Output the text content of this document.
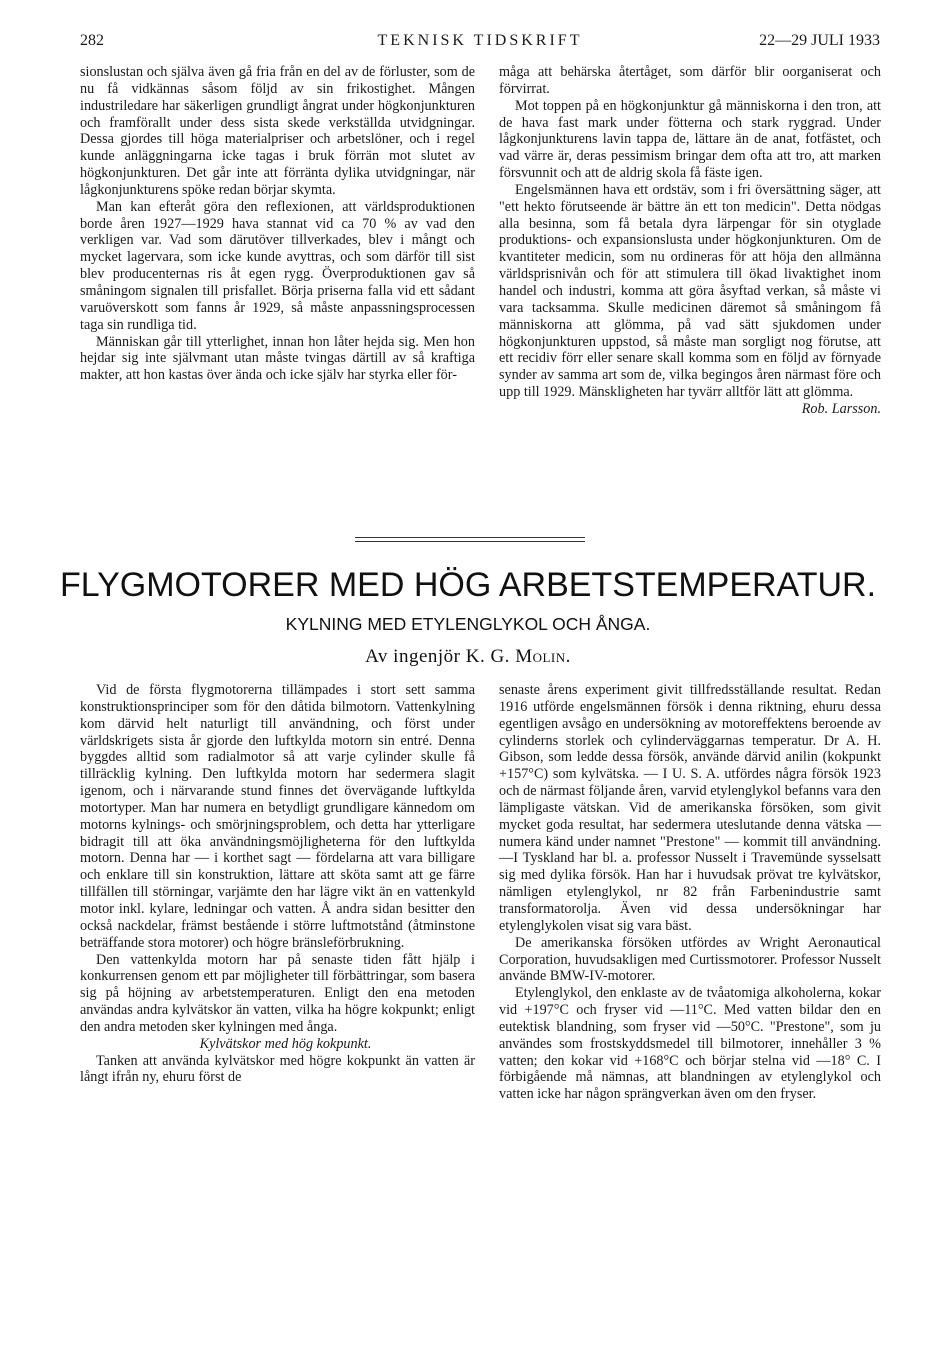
282	TEKNISK TIDSKRIFT	22—29 JULI 1933

sionslustan och själva även gå fria från en del av de förluster, som de nu få vidkännas såsom följd av sin frikostighet. Mången industriledare har säkerligen grundligt ångrat under högkonjunkturen och framförallt under dess sista skede verkställda utvidgningar. Dessa gjordes till höga materialpriser och arbetslöner, och i regel kunde anläggningarna icke tagas i bruk förrän mot slutet av högkonjunkturen. Det går inte att förränta dylika utvidgningar, när lågkonjunkturens spöke redan börjar skymta.

Man kan efteråt göra den reflexionen, att världsproduktionen borde åren 1927—1929 hava stannat vid ca 70 % av vad den verkligen var. Vad som därutöver tillverkades, blev i mångt och mycket lagervara, som icke kunde avyttras, och som därför till sist blev producenternas ris åt egen rygg. Överproduktionen gav så småningom signalen till prisfallet. Börja priserna falla vid ett sådant varuöverskott som fanns år 1929, så måste anpassningsprocessen taga sin rundliga tid.

Människan går till ytterlighet, innan hon låter hejda sig. Men hon hejdar sig inte självmant utan måste tvingas därtill av så kraftiga makter, att hon kastas över ända och icke själv har styrka eller för-

måga att behärska återtåget, som därför blir oorganiserat och förvirrat.

Mot toppen på en högkonjunktur gå människorna i den tron, att de hava fast mark under fötterna och stark ryggrad. Under lågkonjunkturens lavin tappa de, lättare än de anat, fotfästet, och vad värre är, deras pessimism bringar dem ofta att tro, att marken försvunnit och att de aldrig skola få fäste igen.

Engelsmännen hava ett ordstäv, som i fri översättning säger, att "ett hekto förutseende är bättre än ett ton medicin". Detta nödgas alla besinna, som få betala dyra lärpengar för sin otyglade produktions- och expansionslusta under högkonjunkturen. Om de kvantiteter medicin, som nu ordineras för att höja den allmänna världsprisnivån och för att stimulera till ökad livaktighet inom handel och industri, komma att göra åsyftad verkan, så måste vi vara tacksamma. Skulle medicinen däremot så småningom få människorna att glömma, på vad sätt sjukdomen under högkonjunkturen uppstod, så måste man sorgligt nog förutse, att ett recidiv förr eller senare skall komma som en följd av förnyade synder av samma art som de, vilka begingos åren närmast före och upp till 1929. Mänskligheten har tyvärr alltför lätt att glömma.
Rob. Larsson.

FLYGMOTORER MED HÖG ARBETSTEMPERATUR.
KYLNING MED ETYLENGLYKOL OCH ÅNGA.
Av ingenjör K. G. Molin.

Vid de första flygmotorerna tillämpades i stort sett samma konstruktionsprinciper som för den dåtida bilmotorn. Vattenkylning kom därvid helt naturligt till användning, och först under världskrigets sista år gjorde den luftkylda motorn sin entré. Denna byggdes alltid som radialmotor så att varje cylinder skulle få tillräcklig kylning. Den luftkylda motorn har sedermera slagit igenom, och i närvarande stund finnes det övervägande luftkylda motortyper. Man har numera en betydligt grundligare kännedom om motorns kylnings- och smörjningsproblem, och detta har ytterligare bidragit till att öka användningsmöjligheterna för den luftkylda motorn. Denna har — i korthet sagt — fördelarna att vara billigare och enklare till sin konstruktion, lättare att sköta samt att ge färre tillfällen till störningar, varjämte den har lägre vikt än en vattenkyld motor inkl. kylare, ledningar och vatten. Å andra sidan besitter den också nackdelar, främst bestående i större luftmotstånd (åtminstone beträffande stora motorer) och högre bränsleförbrukning.

Den vattenkylda motorn har på senaste tiden fått hjälp i konkurrensen genom ett par möjligheter till förbättringar, som basera sig på höjning av arbetstemperaturen. Enligt den ena metoden användas andra kylvätskor än vatten, vilka ha högre kokpunkt; enligt den andra metoden sker kylningen med ånga.

Kylvätskor med hög kokpunkt.

Tanken att använda kylvätskor med högre kokpunkt än vatten är långt ifrån ny, ehuru först de

senaste årens experiment givit tillfredsställande resultat. Redan 1916 utförde engelsmännen försök i denna riktning, ehuru dessa egentligen avsågo en undersökning av motoreffektens beroende av cylinderns storlek och cylinderväggarnas temperatur. Dr A. H. Gibson, som ledde dessa försök, använde därvid anilin (kokpunkt +157°C) som kylvätska. — I U. S. A. utfördes några försök 1923 och de närmast följande åren, varvid etylenglykol befanns vara den lämpligaste vätskan. Vid de amerikanska försöken, som givit mycket goda resultat, har sedermera uteslutande denna vätska — numera känd under namnet "Prestone" — kommit till användning. —I Tyskland har bl. a. professor Nusselt i Travemünde sysselsatt sig med dylika försök. Han har i huvudsak prövat tre kylvätskor, nämligen etylenglykol, nr 82 från Farbenindustrie samt transformatorolja. Även vid dessa undersökningar har etylenglykolen visat sig vara bäst.

De amerikanska försöken utfördes av Wright Aeronautical Corporation, huvudsakligen med Curtissmotorer. Professor Nusselt använde BMW-IV-motorer.

Etylenglykol, den enklaste av de tvåatomiga alkoholerna, kokar vid +197°C och fryser vid —11°C. Med vatten bildar den en eutektisk blandning, som fryser vid —50°C. "Prestone", som ju användes som frostskyddsmedel till bilmotorer, innehåller 3 % vatten; den kokar vid +168°C och börjar stelna vid —18° C. I förbigående må nämnas, att blandningen av etylenglykol och vatten icke har någon sprängverkan även om den fryser.
